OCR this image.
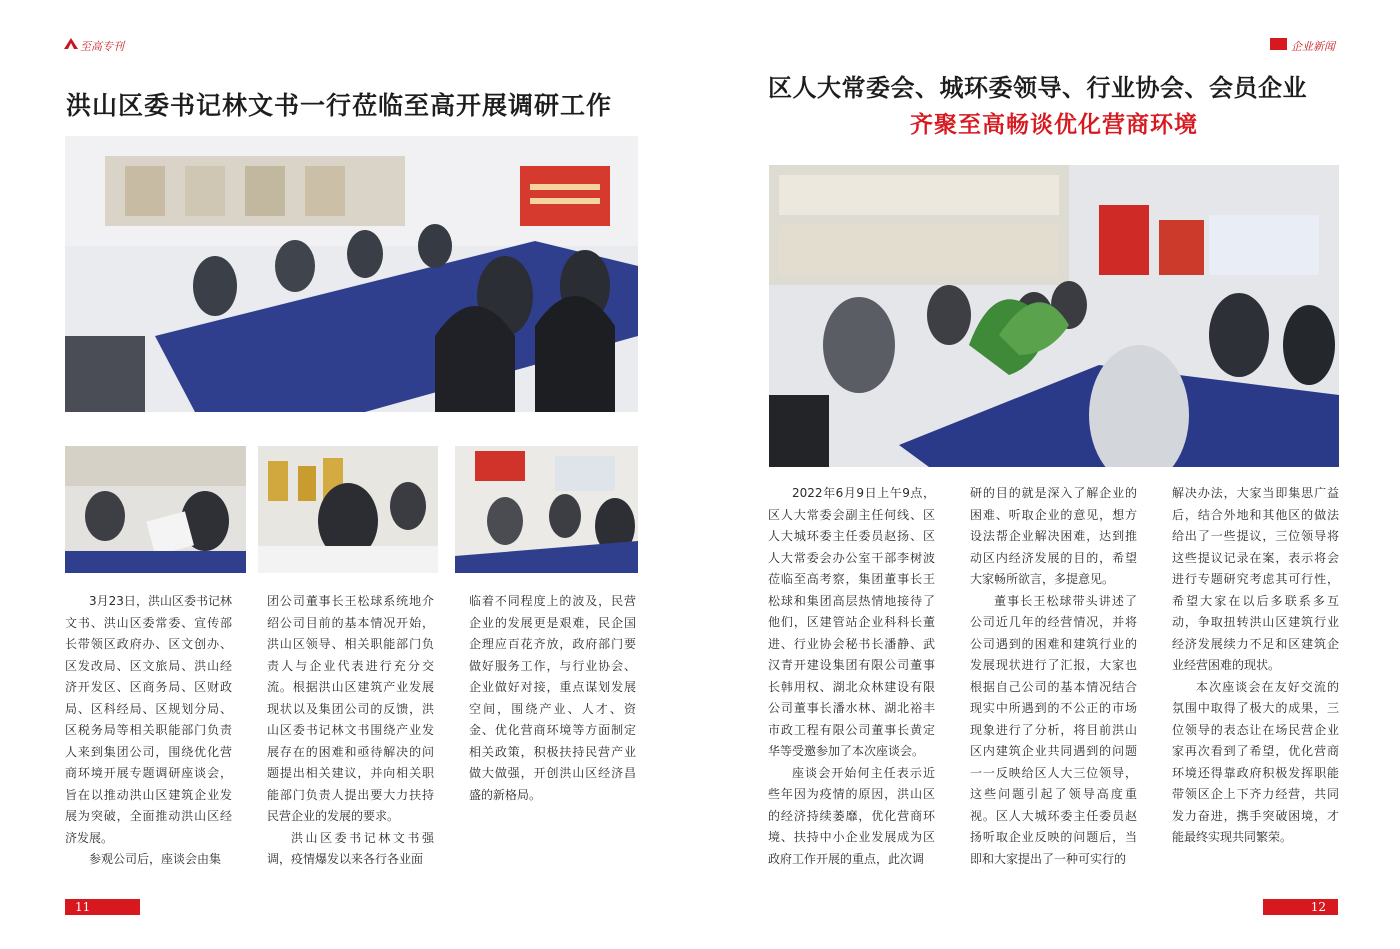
至高专刊
洪山区委书记林文书一行莅临至高开展调研工作

3月23日，洪山区委书记林文书、洪山区委常委、宣传部长带领区政府办、区文创办、区发改局、区文旅局、洪山经济开发区、区商务局、区财政局、区科经局、区规划分局、区税务局等相关职能部门负责人来到集团公司，围绕优化营商环境开展专题调研座谈会，旨在以推动洪山区建筑企业发展为突破，全面推动洪山区经济发展。

参观公司后，座谈会由集

团公司董事长王松球系统地介绍公司目前的基本情况开始，洪山区领导、相关职能部门负责人与企业代表进行充分交流。根据洪山区建筑产业发展现状以及集团公司的反馈，洪山区委书记林文书围绕产业发展存在的困难和亟待解决的问题提出相关建议，并向相关职能部门负责人提出要大力扶持民营企业的发展的要求。

洪山区委书记林文书强调，疫情爆发以来各行各业面

临着不同程度上的波及，民营企业的发展更是艰难，民企国企理应百花齐放，政府部门要做好服务工作，与行业协会、企业做好对接，重点谋划发展空间，围绕产业、人才、资金、优化营商环境等方面制定相关政策，积极扶持民营产业做大做强，开创洪山区经济昌盛的新格局。

11
企业新闻
区人大常委会、城环委领导、行业协会、会员企业
齐聚至高畅谈优化营商环境

2022年6月9日上午9点，区人大常委会副主任何线、区人大城环委主任委员赵扬、区人大常委会办公室干部李树波莅临至高考察，集团董事长王松球和集团高层热情地接待了他们，区建管站企业科科长董进、行业协会秘书长潘静、武汉青开建设集团有限公司董事长韩用权、湖北众林建设有限公司董事长潘水林、湖北裕丰市政工程有限公司董事长黄定华等受邀参加了本次座谈会。

座谈会开始何主任表示近些年因为疫情的原因，洪山区的经济持续萎靡，优化营商环境、扶持中小企业发展成为区政府工作开展的重点，此次调

研的目的就是深入了解企业的困难、听取企业的意见，想方设法帮企业解决困难，达到推动区内经济发展的目的，希望大家畅所欲言，多提意见。

董事长王松球带头讲述了公司近几年的经营情况，并将公司遇到的困难和建筑行业的发展现状进行了汇报，大家也根据自己公司的基本情况结合现实中所遇到的不公正的市场现象进行了分析，将目前洪山区内建筑企业共同遇到的问题一一反映给区人大三位领导，这些问题引起了领导高度重视。区人大城环委主任委员赵扬听取企业反映的问题后，当即和大家提出了一种可实行的

解决办法，大家当即集思广益后，结合外地和其他区的做法给出了一些提议，三位领导将这些提议记录在案，表示将会进行专题研究考虑其可行性，希望大家在以后多联系多互动，争取扭转洪山区建筑行业经济发展续力不足和区建筑企业经营困难的现状。

本次座谈会在友好交流的氛围中取得了极大的成果，三位领导的表态让在场民营企业家再次看到了希望，优化营商环境还得靠政府积极发挥职能带领区企上下齐力经营，共同发力奋进，携手突破困境，才能最终实现共同繁荣。

12
